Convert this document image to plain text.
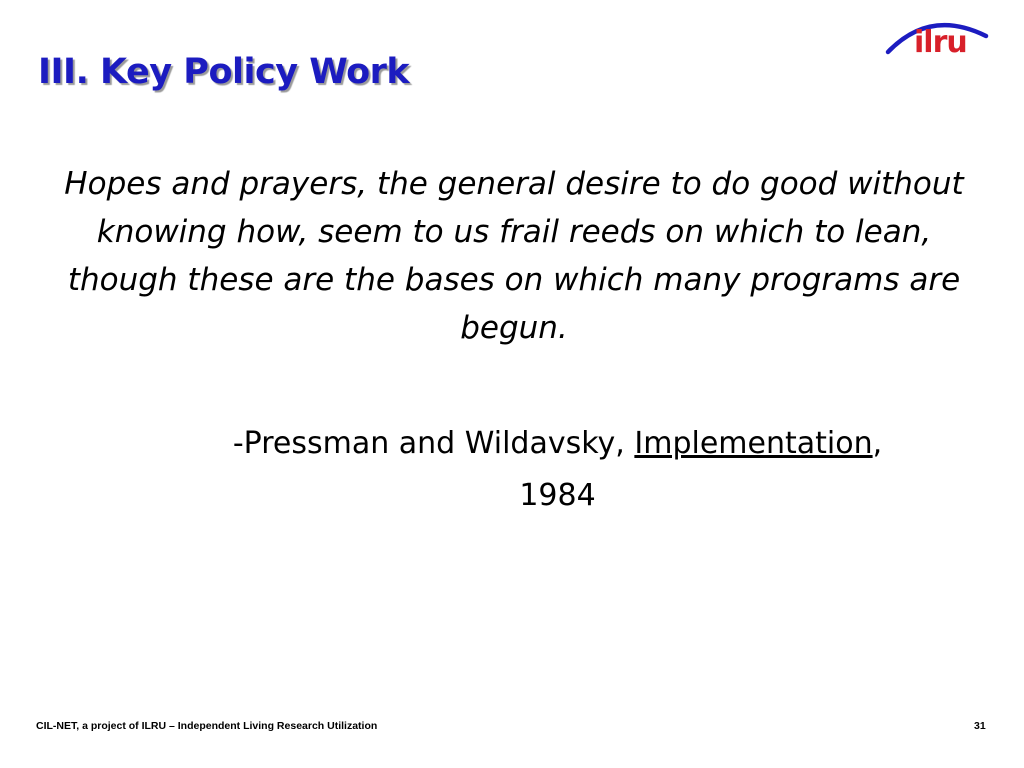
III. Key Policy Work
ilru
Hopes and prayers, the general desire to do good without knowing how, seem to us frail reeds on which to lean, though these are the bases on which many programs are begun.
-Pressman and Wildavsky, Implementation,
1984
CIL-NET, a project of ILRU – Independent Living Research Utilization	31
